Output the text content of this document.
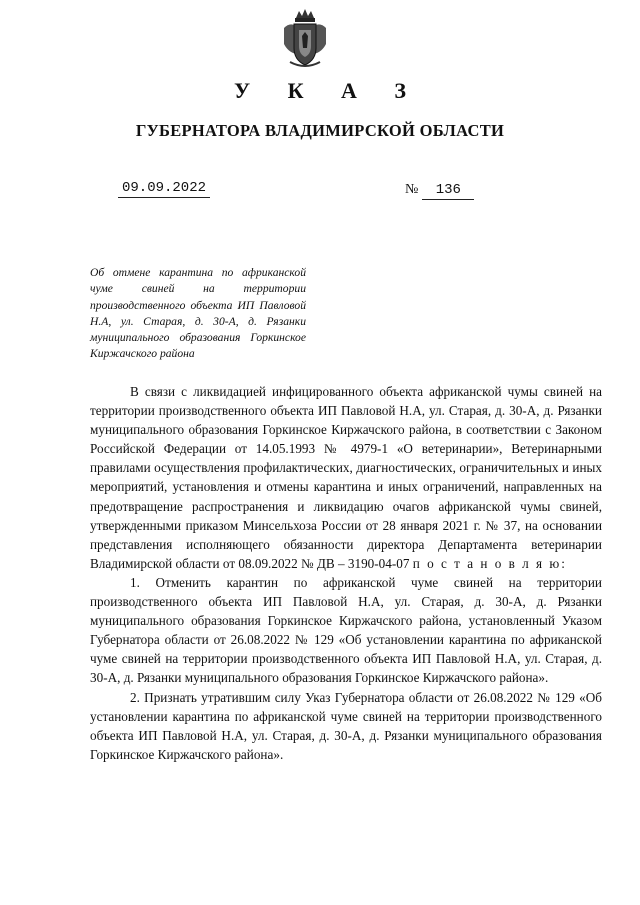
У К А З
ГУБЕРНАТОРА ВЛАДИМИРСКОЙ ОБЛАСТИ
09.09.2022	№ 136
Об отмене карантина по африканской чуме свиней на территории производственного объекта ИП Павловой Н.А, ул. Старая, д. 30-А, д. Рязанки муниципального образования Горкинское Киржачского района

В связи с ликвидацией инфицированного объекта африканской чумы свиней на территории производственного объекта ИП Павловой Н.А, ул. Старая, д. 30-А, д. Рязанки муниципального образования Горкинское Киржачского района, в соответствии с Законом Российской Федерации от 14.05.1993 № 4979-1 «О ветеринарии», Ветеринарными правилами осуществления профилактических, диагностических, ограничительных и иных мероприятий, установления и отмены карантина и иных ограничений, направленных на предотвращение распространения и ликвидацию очагов африканской чумы свиней, утвержденными приказом Минсельхоза России от 28 января 2021 г. № 37, на основании представления исполняющего обязанности директора Департамента ветеринарии Владимирской области от 08.09.2022 № ДВ – 3190-04-07 п о с т а н о в л я ю:

1. Отменить карантин по африканской чуме свиней на территории производственного объекта ИП Павловой Н.А, ул. Старая, д. 30-А, д. Рязанки муниципального образования Горкинское Киржачского района, установленный Указом Губернатора области от 26.08.2022 № 129 «Об установлении карантина по африканской чуме свиней на территории производственного объекта ИП Павловой Н.А, ул. Старая, д. 30-А, д. Рязанки муниципального образования Горкинское Киржачского района».

2. Признать утратившим силу Указ Губернатора области от 26.08.2022 № 129 «Об установлении карантина по африканской чуме свиней на территории производственного объекта ИП Павловой Н.А, ул. Старая, д. 30-А, д. Рязанки муниципального образования Горкинское Киржачского района».
